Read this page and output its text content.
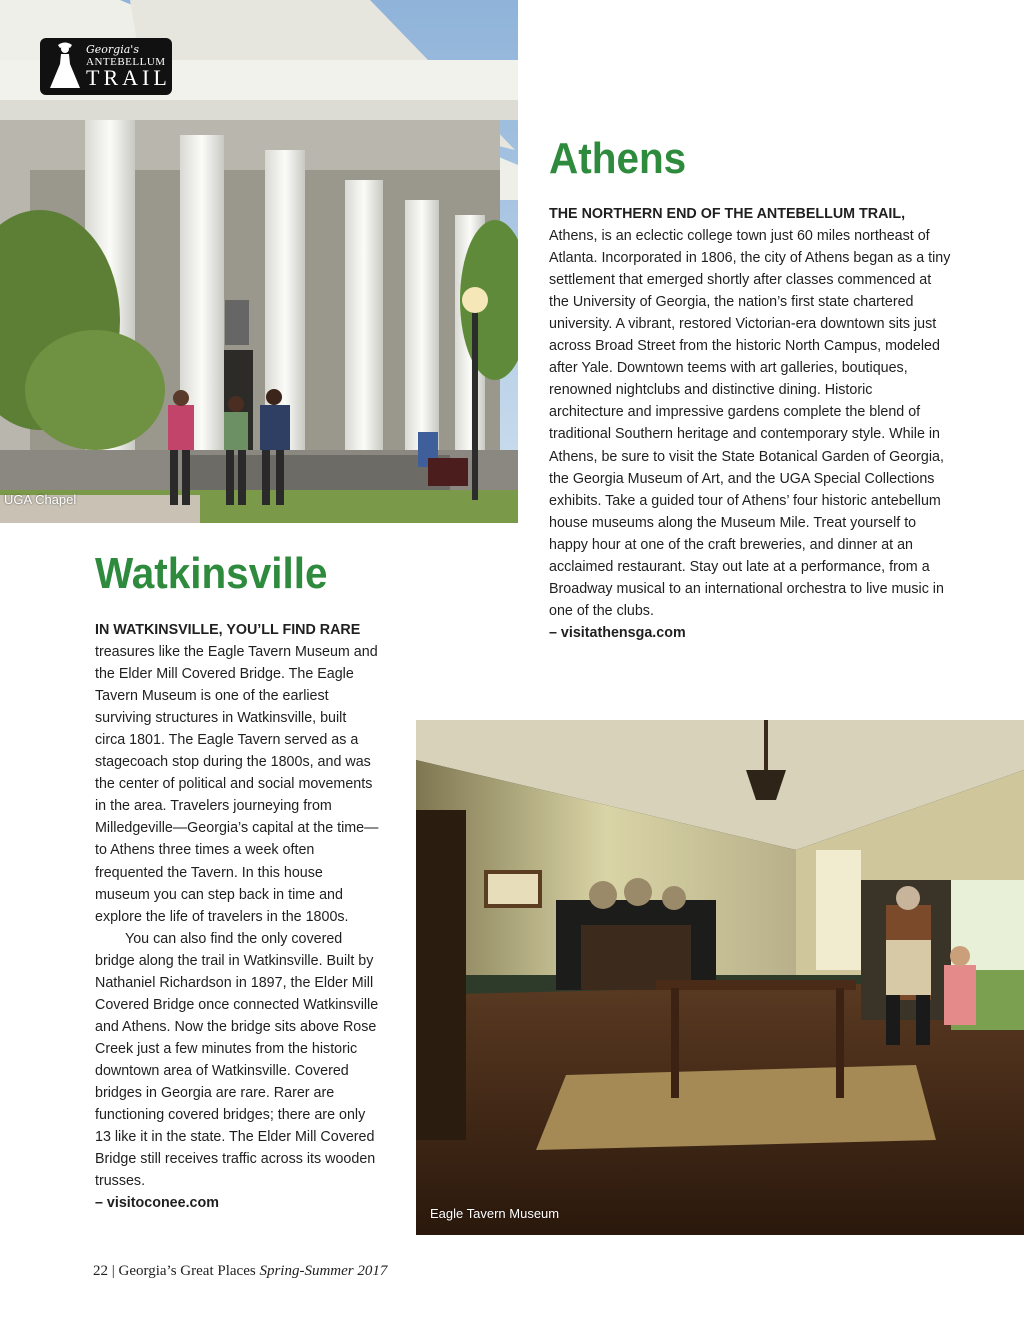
UGA Chapel
Georgia's
ANTEBELLUM
TRAIL
Athens
THE NORTHERN END OF THE ANTEBELLUM TRAIL,
Athens, is an eclectic college town just 60 miles northeast of Atlanta. Incorporated in 1806, the city of Athens began as a tiny settlement that emerged shortly after classes commenced at the University of Georgia, the nation’s first state chartered university. A vibrant, restored Victorian-era downtown sits just across Broad Street from the historic North Campus, modeled after Yale. Downtown teems with art galleries, boutiques, renowned nightclubs and distinctive dining. Historic architecture and impressive gardens complete the blend of traditional Southern heritage and contemporary style. While in Athens, be sure to visit the State Botanical Garden of Georgia, the Georgia Museum of Art, and the UGA Special Collections exhibits. Take a guided tour of Athens’ four historic antebellum house museums along the Museum Mile. Treat yourself to happy hour at one of the craft breweries, and dinner at an acclaimed restaurant. Stay out late at a performance, from a Broadway musical to an international orchestra to live music in one of the clubs.
– visitathensga.com
Watkinsville

IN WATKINSVILLE, YOU’LL FIND RARE
treasures like the Eagle Tavern Museum and the Elder Mill Covered Bridge. The Eagle Tavern Museum is one of the earliest surviving structures in Watkinsville, built circa 1801. The Eagle Tavern served as a stagecoach stop during the 1800s, and was the center of political and social movements in the area. Travelers journeying from Milledgeville—Georgia’s capital at the time—to Athens three times a week often frequented the Tavern. In this house museum you can step back in time and explore the life of travelers in the 1800s.

You can also find the only covered bridge along the trail in Watkinsville. Built by Nathaniel Richardson in 1897, the Elder Mill Covered Bridge once connected Watkinsville and Athens. Now the bridge sits above Rose Creek just a few minutes from the historic downtown area of Watkinsville. Covered bridges in Georgia are rare. Rarer are functioning covered bridges; there are only 13 like it in the state. The Elder Mill Covered Bridge still receives traffic across its wooden trusses.

– visitoconee.com

Eagle Tavern Museum
22 | Georgia’s Great Places Spring-Summer 2017
